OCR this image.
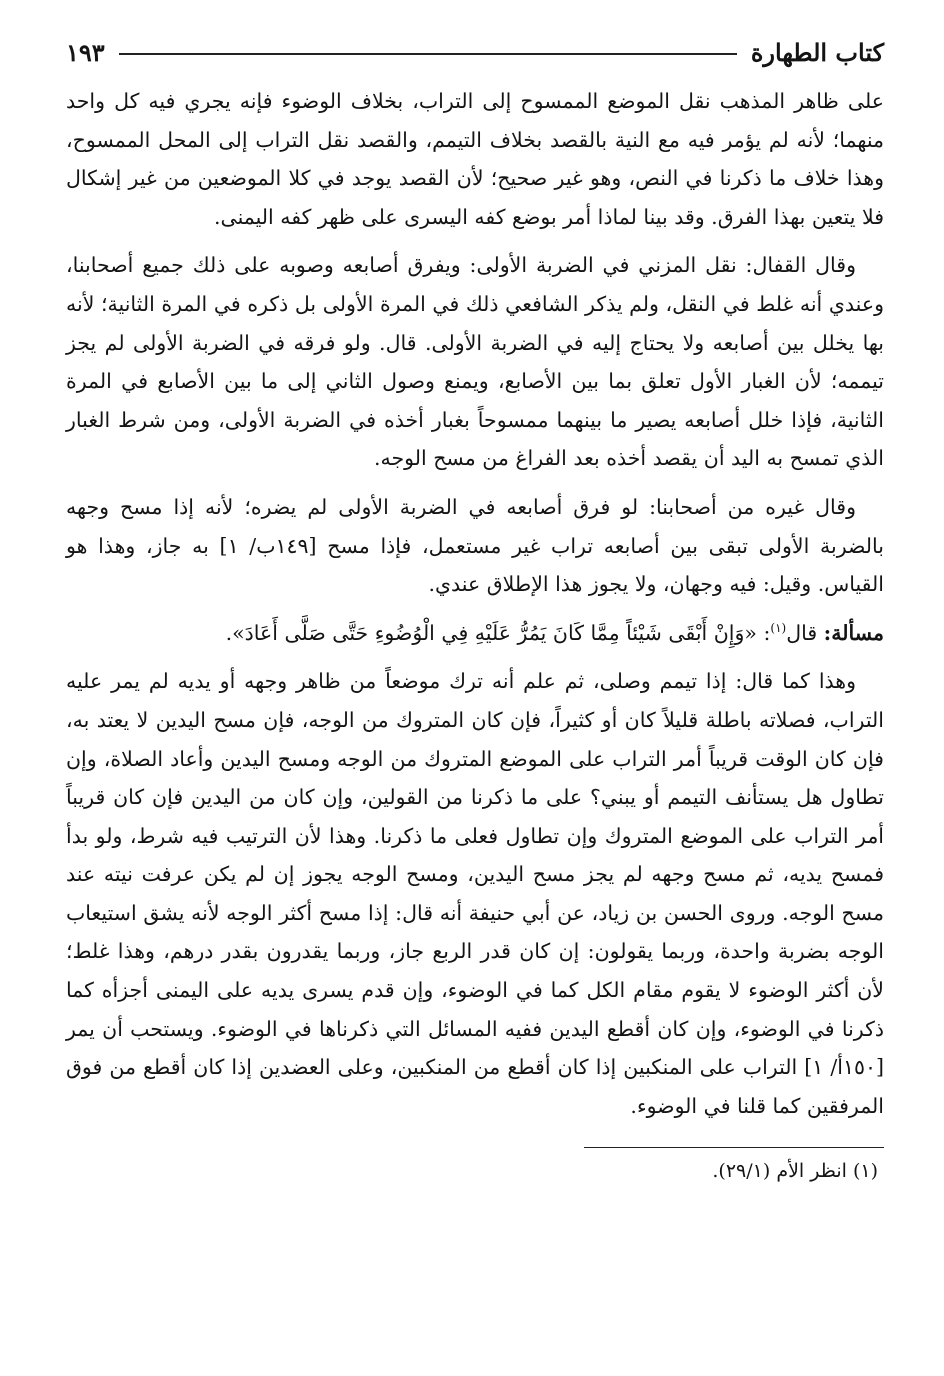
كتاب الطهارة
١٩٣

على ظاهر المذهب نقل الموضع الممسوح إلى التراب، بخلاف الوضوء فإنه يجري فيه كل واحد منهما؛ لأنه لم يؤمر فيه مع النية بالقصد بخلاف التيمم، والقصد نقل التراب إلى المحل الممسوح، وهذا خلاف ما ذكرنا في النص، وهو غير صحيح؛ لأن القصد يوجد في كلا الموضعين من غير إشكال فلا يتعين بهذا الفرق. وقد بينا لماذا أمر بوضع كفه اليسرى على ظهر كفه اليمنى.

وقال القفال: نقل المزني في الضربة الأولى: ويفرق أصابعه وصوبه على ذلك جميع أصحابنا، وعندي أنه غلط في النقل، ولم يذكر الشافعي ذلك في المرة الأولى بل ذكره في المرة الثانية؛ لأنه بها يخلل بين أصابعه ولا يحتاج إليه في الضربة الأولى. قال. ولو فرقه في الضربة الأولى لم يجز تيممه؛ لأن الغبار الأول تعلق بما بين الأصابع، ويمنع وصول الثاني إلى ما بين الأصابع في المرة الثانية، فإذا خلل أصابعه يصير ما بينهما ممسوحاً بغبار أخذه في الضربة الأولى، ومن شرط الغبار الذي تمسح به اليد أن يقصد أخذه بعد الفراغ من مسح الوجه.

وقال غيره من أصحابنا: لو فرق أصابعه في الضربة الأولى لم يضره؛ لأنه إذا مسح وجهه بالضربة الأولى تبقى بين أصابعه تراب غير مستعمل، فإذا مسح [١٤٩ب/ ١] به جاز، وهذا هو القياس. وقيل: فيه وجهان، ولا يجوز هذا الإطلاق عندي.

مسألة: قال$^{(١)}$: «وَإِنْ أَبْقَى شَيْئاً مِمَّا كَانَ يَمُرُّ عَلَيْهِ فِي الْوُضُوءِ حَتَّى صَلَّى أَعَادَ».

وهذا كما قال: إذا تيمم وصلى، ثم علم أنه ترك موضعاً من ظاهر وجهه أو يديه لم يمر عليه التراب، فصلاته باطلة قليلاً كان أو كثيراً، فإن كان المتروك من الوجه، فإن مسح اليدين لا يعتد به، فإن كان الوقت قريباً أمر التراب على الموضع المتروك من الوجه ومسح اليدين وأعاد الصلاة، وإن تطاول هل يستأنف التيمم أو يبني؟ على ما ذكرنا من القولين، وإن كان من اليدين فإن كان قريباً أمر التراب على الموضع المتروك وإن تطاول فعلى ما ذكرنا. وهذا لأن الترتيب فيه شرط، ولو بدأ فمسح يديه، ثم مسح وجهه لم يجز مسح اليدين، ومسح الوجه يجوز إن لم يكن عرفت نيته عند مسح الوجه. وروى الحسن بن زياد، عن أبي حنيفة أنه قال: إذا مسح أكثر الوجه لأنه يشق استيعاب الوجه بضربة واحدة، وربما يقولون: إن كان قدر الربع جاز، وربما يقدرون بقدر درهم، وهذا غلط؛ لأن أكثر الوضوء لا يقوم مقام الكل كما في الوضوء، وإن قدم يسرى يديه على اليمنى أجزأه كما ذكرنا في الوضوء، وإن كان أقطع اليدين ففيه المسائل التي ذكرناها في الوضوء. ويستحب أن يمر [١٥٠أ/ ١] التراب على المنكبين إذا كان أقطع من المنكبين، وعلى العضدين إذا كان أقطع من فوق المرفقين كما قلنا في الوضوء.

(١) انظر الأم (٢٩/١).
